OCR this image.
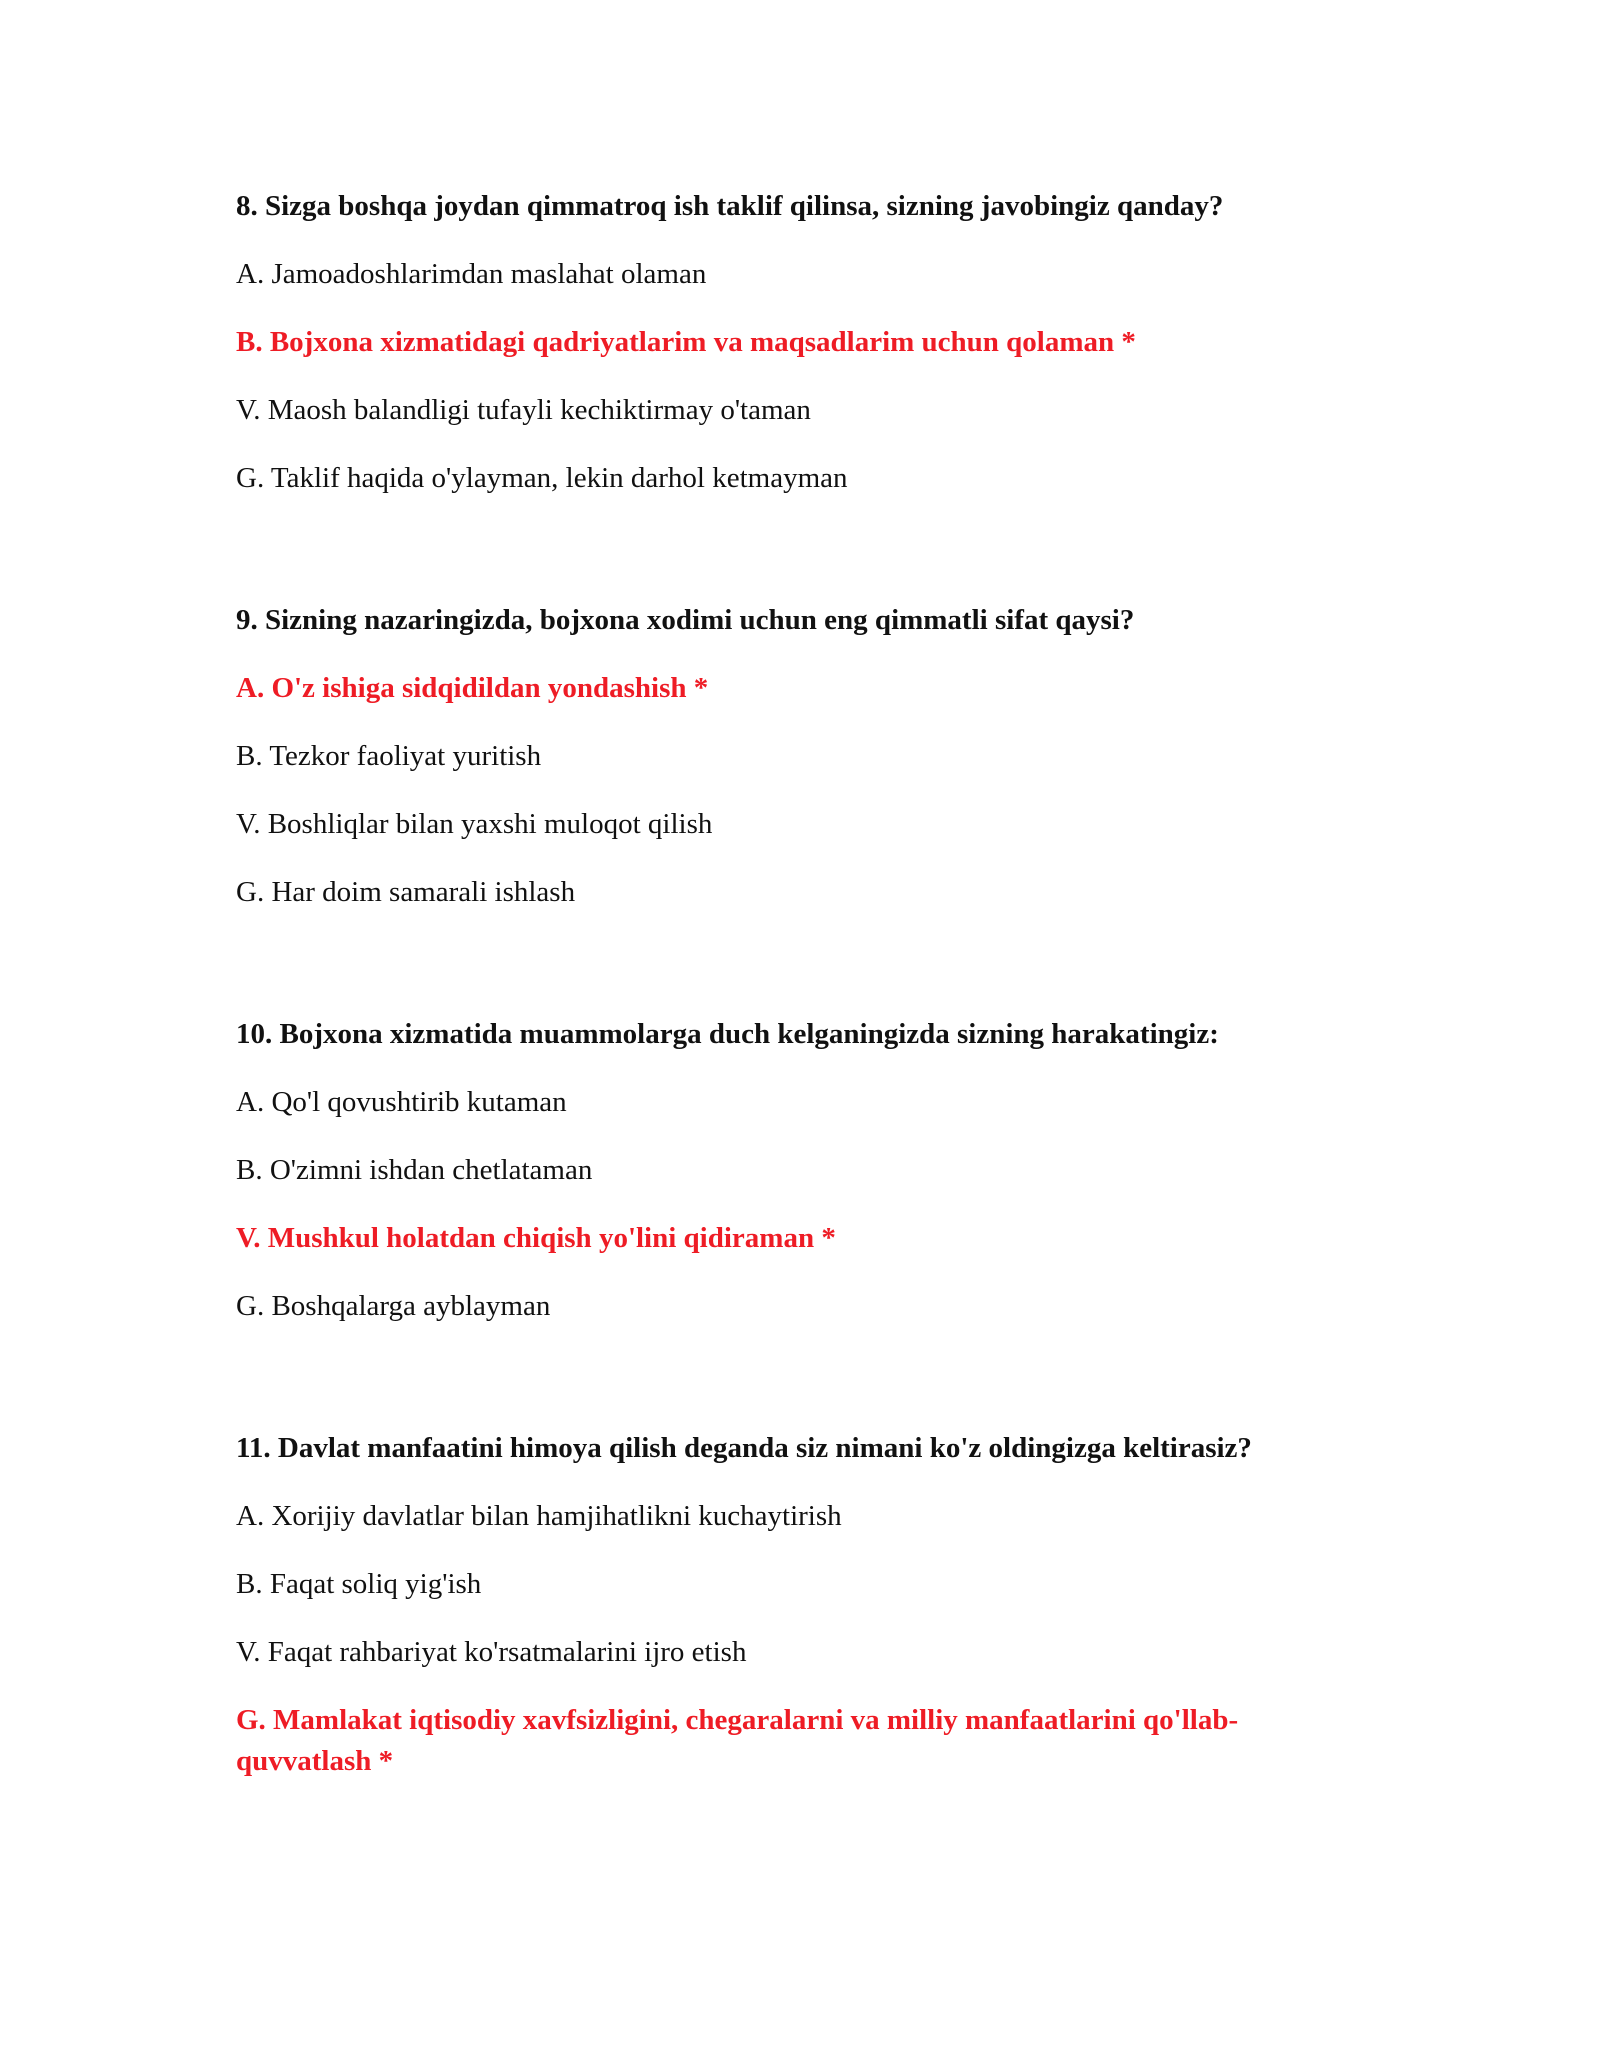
8. Sizga boshqa joydan qimmatroq ish taklif qilinsa, sizning javobingiz qanday?
A. Jamoadoshlarimdan maslahat olaman
B. Bojxona xizmatidagi qadriyatlarim va maqsadlarim uchun qolaman *
V. Maosh balandligi tufayli kechiktirmay o'taman
G. Taklif haqida o'ylayman, lekin darhol ketmayman
9. Sizning nazaringizda, bojxona xodimi uchun eng qimmatli sifat qaysi?
A. O'z ishiga sidqidildan yondashish *
B. Tezkor faoliyat yuritish
V. Boshliqlar bilan yaxshi muloqot qilish
G. Har doim samarali ishlash
10. Bojxona xizmatida muammolarga duch kelganingizda sizning harakatingiz:
A. Qo'l qovushtirib kutaman
B. O'zimni ishdan chetlataman
V. Mushkul holatdan chiqish yo'lini qidiraman *
G. Boshqalarga ayblayman
11. Davlat manfaatini himoya qilish deganda siz nimani ko'z oldingizga keltirasiz?
A. Xorijiy davlatlar bilan hamjihatlikni kuchaytirish
B. Faqat soliq yig'ish
V. Faqat rahbariyat ko'rsatmalarini ijro etish
G. Mamlakat iqtisodiy xavfsizligini, chegaralarni va milliy manfaatlarini qo'llab-quvvatlash *
